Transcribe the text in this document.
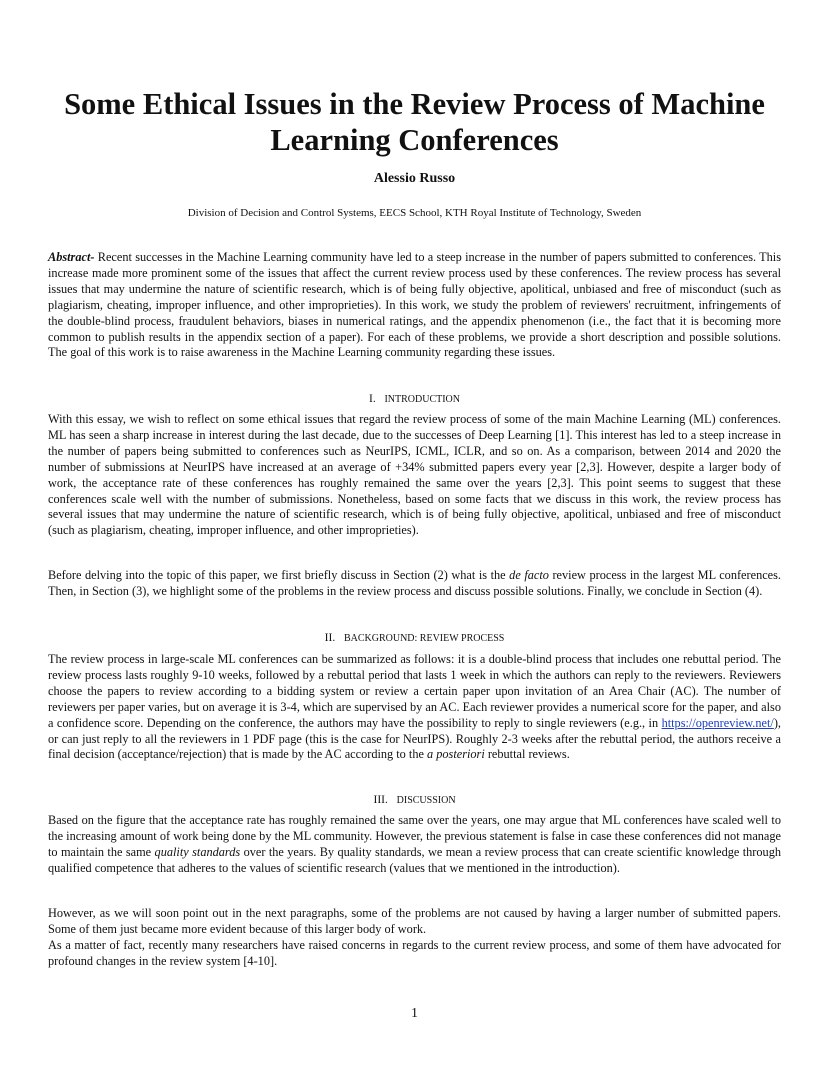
Some Ethical Issues in the Review Process of Machine Learning Conferences

Alessio Russo

Division of Decision and Control Systems, EECS School, KTH Royal Institute of Technology, Sweden

Abstract- Recent successes in the Machine Learning community have led to a steep increase in the number of papers submitted to conferences. This increase made more prominent some of the issues that affect the current review process used by these conferences. The review process has several issues that may undermine the nature of scientific research, which is of being fully objective, apolitical, unbiased and free of misconduct (such as plagiarism, cheating, improper influence, and other improprieties). In this work, we study the problem of reviewers' recruitment, infringements of the double-blind process, fraudulent behaviors, biases in numerical ratings, and the appendix phenomenon (i.e., the fact that it is becoming more common to publish results in the appendix section of a paper). For each of these problems, we provide a short description and possible solutions. The goal of this work is to raise awareness in the Machine Learning community regarding these issues.

I. INTRODUCTION

With this essay, we wish to reflect on some ethical issues that regard the review process of some of the main Machine Learning (ML) conferences. ML has seen a sharp increase in interest during the last decade, due to the successes of Deep Learning [1]. This interest has led to a steep increase in the number of papers being submitted to conferences such as NeurIPS, ICML, ICLR, and so on. As a comparison, between 2014 and 2020 the number of submissions at NeurIPS have increased at an average of +34% submitted papers every year [2,3]. However, despite a larger body of work, the acceptance rate of these conferences has roughly remained the same over the years [2,3]. This point seems to suggest that these conferences scale well with the number of submissions. Nonetheless, based on some facts that we discuss in this work, the review process has several issues that may undermine the nature of scientific research, which is of being fully objective, apolitical, unbiased and free of misconduct (such as plagiarism, cheating, improper influence, and other improprieties).

Before delving into the topic of this paper, we first briefly discuss in Section (2) what is the de facto review process in the largest ML conferences. Then, in Section (3), we highlight some of the problems in the review process and discuss possible solutions. Finally, we conclude in Section (4).

II. BACKGROUND: REVIEW PROCESS

The review process in large-scale ML conferences can be summarized as follows: it is a double-blind process that includes one rebuttal period. The review process lasts roughly 9-10 weeks, followed by a rebuttal period that lasts 1 week in which the authors can reply to the reviewers. Reviewers choose the papers to review according to a bidding system or review a certain paper upon invitation of an Area Chair (AC). The number of reviewers per paper varies, but on average it is 3-4, which are supervised by an AC. Each reviewer provides a numerical score for the paper, and also a confidence score. Depending on the conference, the authors may have the possibility to reply to single reviewers (e.g., in https://openreview.net/), or can just reply to all the reviewers in 1 PDF page (this is the case for NeurIPS). Roughly 2-3 weeks after the rebuttal period, the authors receive a final decision (acceptance/rejection) that is made by the AC according to the a posteriori rebuttal reviews.

III. DISCUSSION

Based on the figure that the acceptance rate has roughly remained the same over the years, one may argue that ML conferences have scaled well to the increasing amount of work being done by the ML community. However, the previous statement is false in case these conferences did not manage to maintain the same quality standards over the years. By quality standards, we mean a review process that can create scientific knowledge through qualified competence that adheres to the values of scientific research (values that we mentioned in the introduction).

However, as we will soon point out in the next paragraphs, some of the problems are not caused by having a larger number of submitted papers. Some of them just became more evident because of this larger body of work.

As a matter of fact, recently many researchers have raised concerns in regards to the current review process, and some of them have advocated for profound changes in the review system [4-10].

1
